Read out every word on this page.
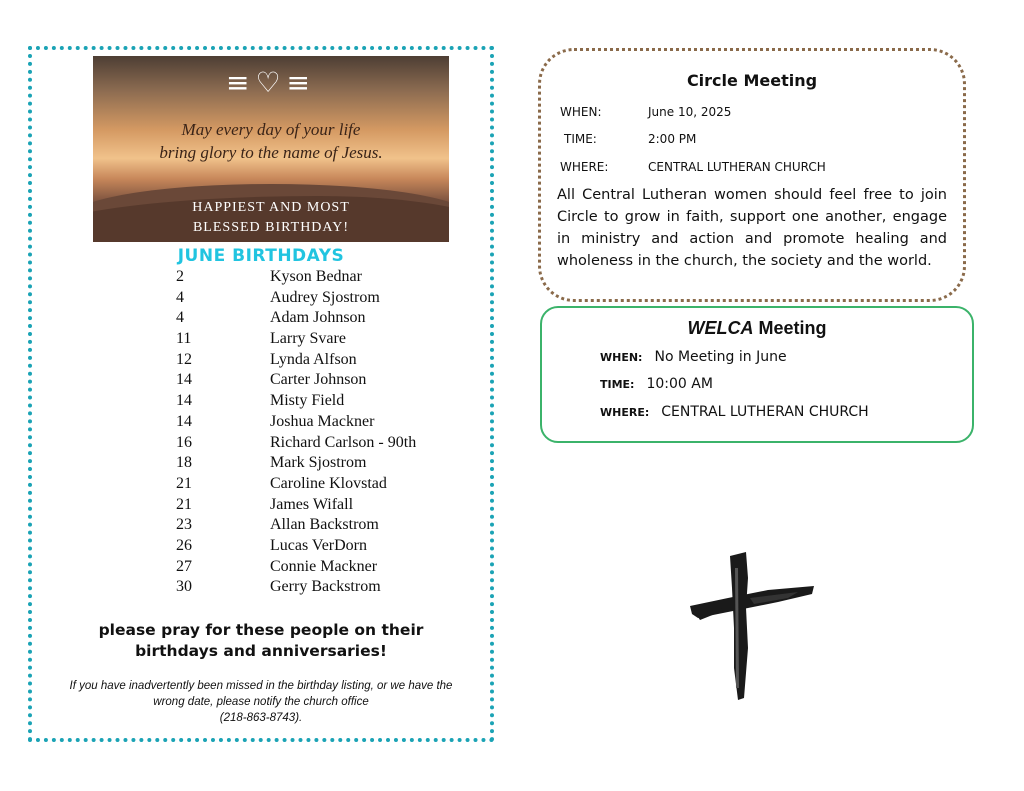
≡♡≡
May every day of your life
bring glory to the name of Jesus.
HAPPIEST AND MOST
BLESSED BIRTHDAY!
JUNE BIRTHDAYS
2	Kyson Bednar
4	Audrey Sjostrom
4	Adam Johnson
11	Larry Svare
12	Lynda Alfson
14	Carter Johnson
14	Misty Field
14	Joshua Mackner
16	Richard Carlson - 90th
18	Mark Sjostrom
21	Caroline Klovstad
21	James Wifall
23	Allan Backstrom
26	Lucas VerDorn
27	Connie Mackner
30	Gerry Backstrom
please pray for these people on their
birthdays and anniversaries!
If you have inadvertently been missed in the birthday listing, or we have the
wrong date, please notify the church office
(218-863-8743).
Circle Meeting
WHEN:	June 10, 2025
TIME:	2:00 PM
WHERE:	CENTRAL LUTHERAN CHURCH
All Central Lutheran women should feel free to join Circle to grow in faith, support one another, engage in ministry and action and promote healing and wholeness in the church, the society and the world.
WELCA Meeting
WHEN: No Meeting in June
TIME: 10:00 AM
WHERE: CENTRAL LUTHERAN CHURCH
